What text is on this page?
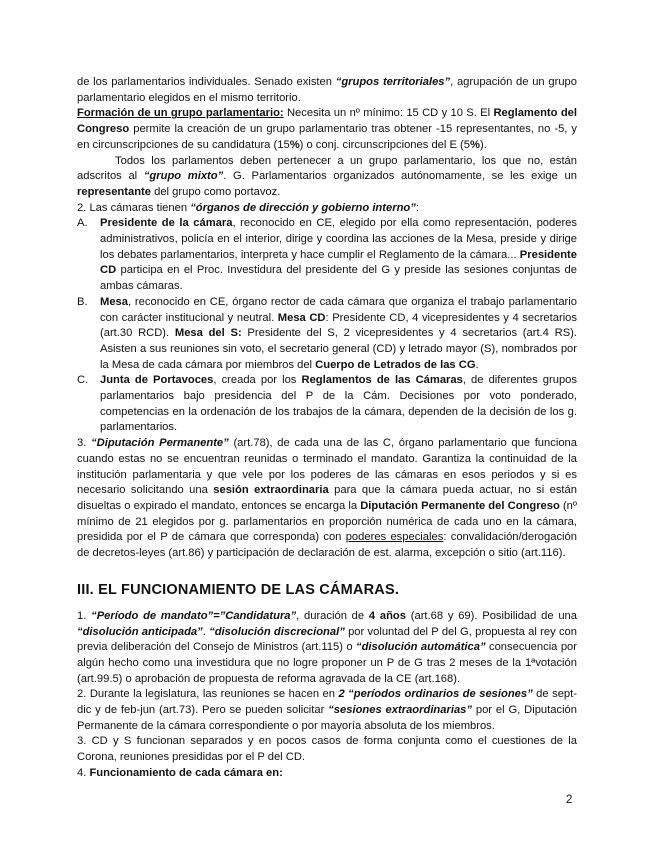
de los parlamentarios individuales. Senado existen “grupos territoriales”, agrupación de un grupo parlamentario elegidos en el mismo territorio.

Formación de un grupo parlamentario: Necesita un nº mínimo: 15 CD y 10 S. El Reglamento del Congreso permite la creación de un grupo parlamentario tras obtener -15 representantes, no -5, y en circunscripciones de su candidatura (15%) o conj. circunscripciones del E (5%).

Todos los parlamentos deben pertenecer a un grupo parlamentario, los que no, están adscritos al “grupo mixto”. G. Parlamentarios organizados autónomamente, se les exige un representante del grupo como portavoz.

2. Las cámaras tienen “órganos de dirección y gobierno interno”:

A. Presidente de la cámara, reconocido en CE, elegido por ella como representación, poderes administrativos, policía en el interior, dirige y coordina las acciones de la Mesa, preside y dirige los debates parlamentarios, interpreta y hace cumplir el Reglamento de la cámara... Presidente CD participa en el Proc. Investidura del presidente del G y preside las sesiones conjuntas de ambas cámaras.
B. Mesa, reconocido en CE, órgano rector de cada cámara que organiza el trabajo parlamentario con carácter institucional y neutral. Mesa CD: Presidente CD, 4 vicepresidentes y 4 secretarios (art.30 RCD). Mesa del S: Presidente del S, 2 vicepresidentes y 4 secretarios (art.4 RS). Asisten a sus reuniones sin voto, el secretario general (CD) y letrado mayor (S), nombrados por la Mesa de cada cámara por miembros del Cuerpo de Letrados de las CG.
C. Junta de Portavoces, creada por los Reglamentos de las Cámaras, de diferentes grupos parlamentarios bajo presidencia del P de la Cám. Decisiones por voto ponderado, competencias en la ordenación de los trabajos de la cámara, dependen de la decisión de los g. parlamentarios.

3. “Diputación Permanente” (art.78), de cada una de las C, órgano parlamentario que funciona cuando estas no se encuentran reunidas o terminado el mandato. Garantiza la continuidad de la institución parlamentaria y que vele por los poderes de las cámaras en esos periodos y si es necesario solicitando una sesión extraordinaria para que la cámara pueda actuar, no si están disueltas o expirado el mandato, entonces se encarga la Diputación Permanente del Congreso (nº mínimo de 21 elegidos por g. parlamentarios en proporción numérica de cada uno en la cámara, presidida por el P de cámara que corresponda) con poderes especiales: convalidación/derogación de decretos-leyes (art.86) y participación de declaración de est. alarma, excepción o sitio (art.116).

III. EL FUNCIONAMIENTO DE LAS CÁMARAS.

1. “Período de mandato”=”Candidatura”, duración de 4 años (art.68 y 69). Posibilidad de una “disolución anticipada”. “disolución discrecional” por voluntad del P del G, propuesta al rey con previa deliberación del Consejo de Ministros (art.115) o “disolución automática” consecuencia por algún hecho como una investidura que no logre proponer un P de G tras 2 meses de la 1ªvotación (art.99.5) o aprobación de propuesta de reforma agravada de la CE (art.168).

2. Durante la legislatura, las reuniones se hacen en 2 “períodos ordinarios de sesiones” de sept-dic y de feb-jun (art.73). Pero se pueden solicitar “sesiones extraordinarias” por el G, Diputación Permanente de la cámara correspondiente o por mayoría absoluta de los miembros.

3. CD y S funcionan separados y en pocos casos de forma conjunta como el cuestiones de la Corona, reuniones presididas por el P del CD.

4. Funcionamiento de cada cámara en:

2
